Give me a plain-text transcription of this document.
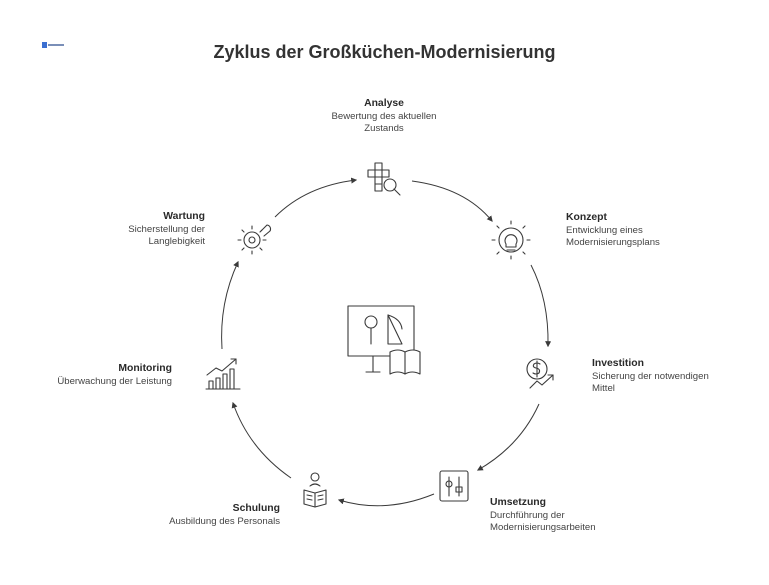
Zyklus der Großküchen-Modernisierung
Analyse
Bewertung des aktuellen
Zustands
Konzept
Entwicklung eines
Modernisierungsplans
Investition
Sicherung der notwendigen
Mittel
Umsetzung
Durchführung der
Modernisierungsarbeiten
Schulung
Ausbildung des Personals
Monitoring
Überwachung der Leistung
Wartung
Sicherstellung der
Langlebigkeit
